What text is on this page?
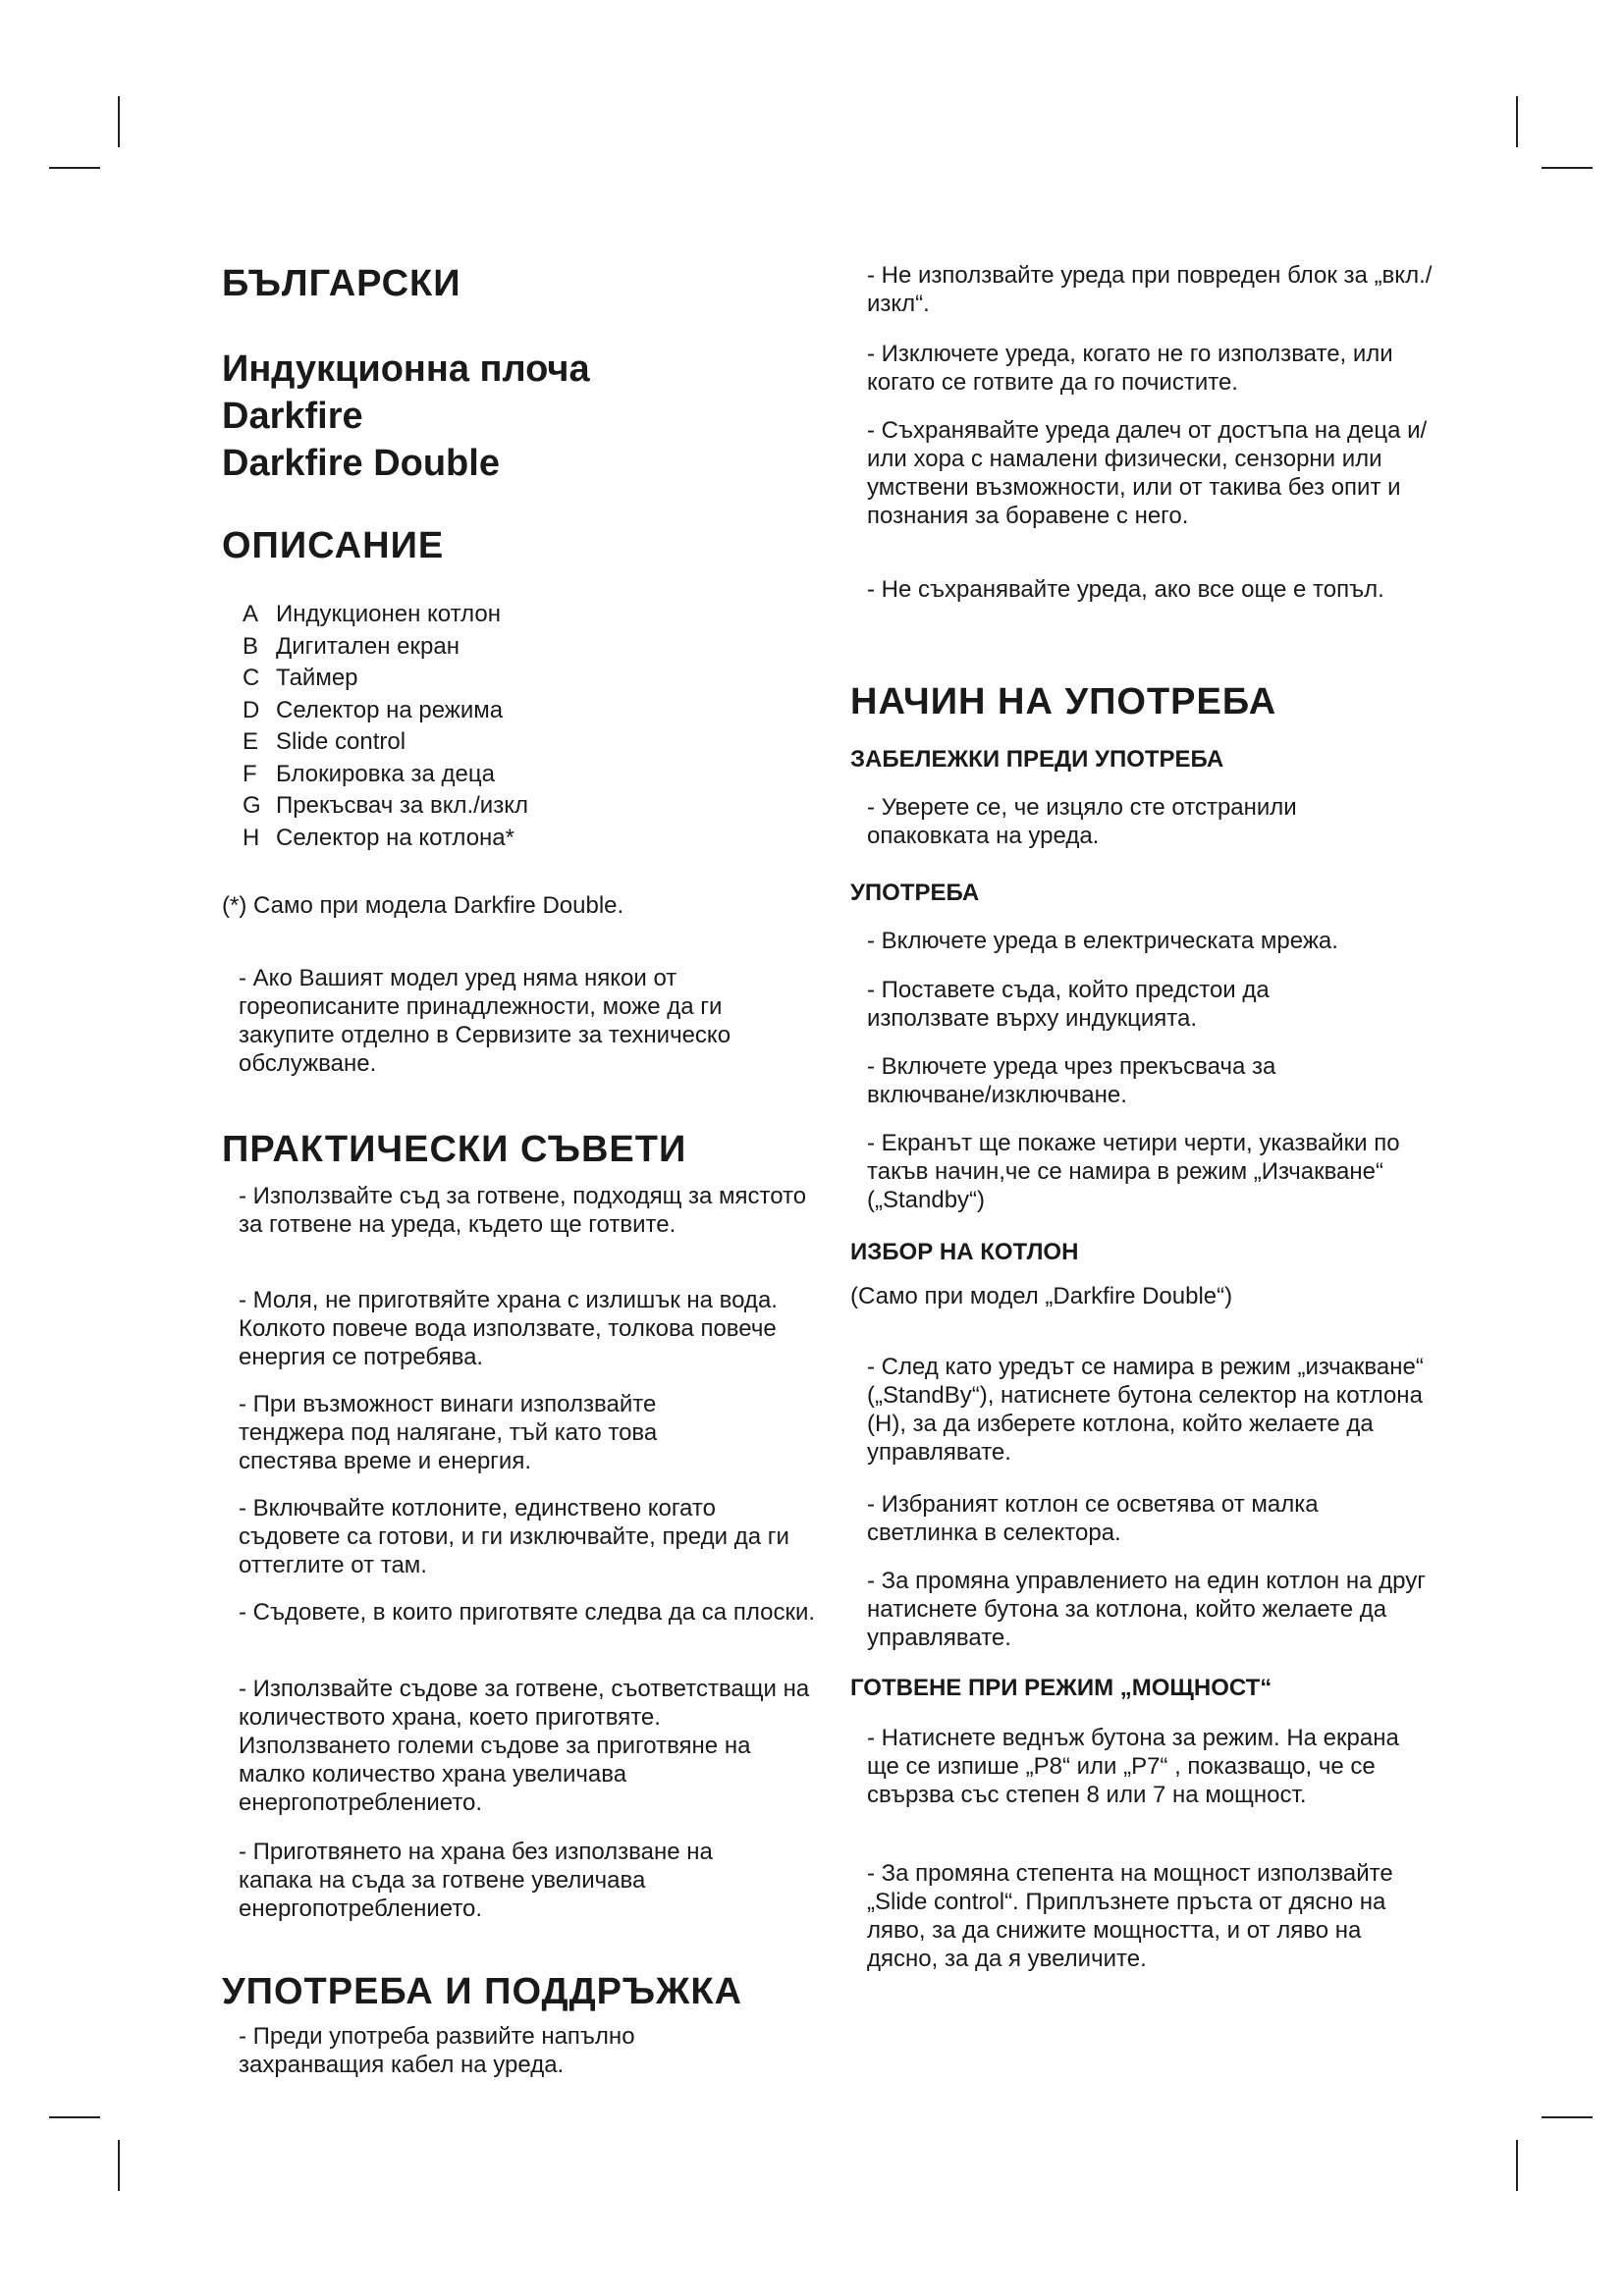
БЪЛГАРСКИ
Индукционна плоча
Darkfire
Darkfire Double
ОПИСАНИЕ
A Индукционен котлон
B Дигитален екран
C Таймер
D Селектор на режима
E Slide control
F Блокировка за деца
G Прекъсвач за вкл./изкл
H Селектор на котлона*

(*) Само при модела Darkfire Double.

- Ако Вашият модел уред няма някои от гореописаните принадлежности, може да ги закупите отделно в Сервизите за техническо обслужване.

ПРАКТИЧЕСКИ СЪВЕТИ

- Използвайте съд за готвене, подходящ за мястото за готвене на уреда, където ще готвите.

- Моля, не приготвяйте храна с излишък на вода. Колкото повече вода използвате, толкова повече енергия се потребява.

- При възможност винаги използвайте тенджера под налягане, тъй като това спестява време и енергия.

- Включвайте котлоните, единствено когато съдовете са готови, и ги изключвайте, преди да ги оттеглите от там.

- Съдовете, в които приготвяте следва да са плоски.

- Използвайте съдове за готвене, съответстващи на количеството храна, което приготвяте. Използването големи съдове за приготвяне на малко количество храна увеличава енергопотреблението.

- Приготвянето на храна без използване на капака на съда за готвене увеличава енергопотреблението.

УПОТРЕБА И ПОДДРЪЖКА

- Преди употреба развийте напълно захранващия кабел на уреда.

- Не използвайте уреда при повреден блок за „вкл./изкл“.

- Изключете уреда, когато не го използвате, или когато се готвите да го почистите.

- Съхранявайте уреда далеч от достъпа на деца и/или хора с намалени физически, сензорни или умствени възможности, или от такива без опит и познания за боравене с него.

- Не съхранявайте уреда, ако все още е топъл.

НАЧИН НА УПОТРЕБА
ЗАБЕЛЕЖКИ ПРЕДИ УПОТРЕБА

- Уверете се, че изцяло сте отстранили опаковката на уреда.

УПОТРЕБА

- Включете уреда в електрическата мрежа.

- Поставете съда, който предстои да използвате върху индукцията.

- Включете уреда чрез прекъсвача за включване/изключване.

- Екранът ще покаже четири черти, указвайки по такъв начин,че се намира в режим „Изчакване“ („Standby“)

ИЗБОР НА КОТЛОН

(Само при модел „Darkfire Double“)

- След като уредът се намира в режим „изчакване“ („StandBy“), натиснете бутона селектор на котлона (H), за да изберете котлона, който желаете да управлявате.

- Избраният котлон се осветява от малка светлинка в селектора.

- За промяна управлението на един котлон на друг натиснете бутона за котлона, който желаете да управлявате.

ГОТВЕНЕ ПРИ РЕЖИМ „МОЩНОСТ“

- Натиснете веднъж бутона за режим. На екрана ще се изпише „P8“ или „P7“ , показващо, че се свързва със степен 8 или 7 на мощност.

- За промяна степента на мощност използвайте „Slide control“. Приплъзнете пръста от дясно на ляво, за да снижите мощността, и от ляво на дясно, за да я увеличите.
